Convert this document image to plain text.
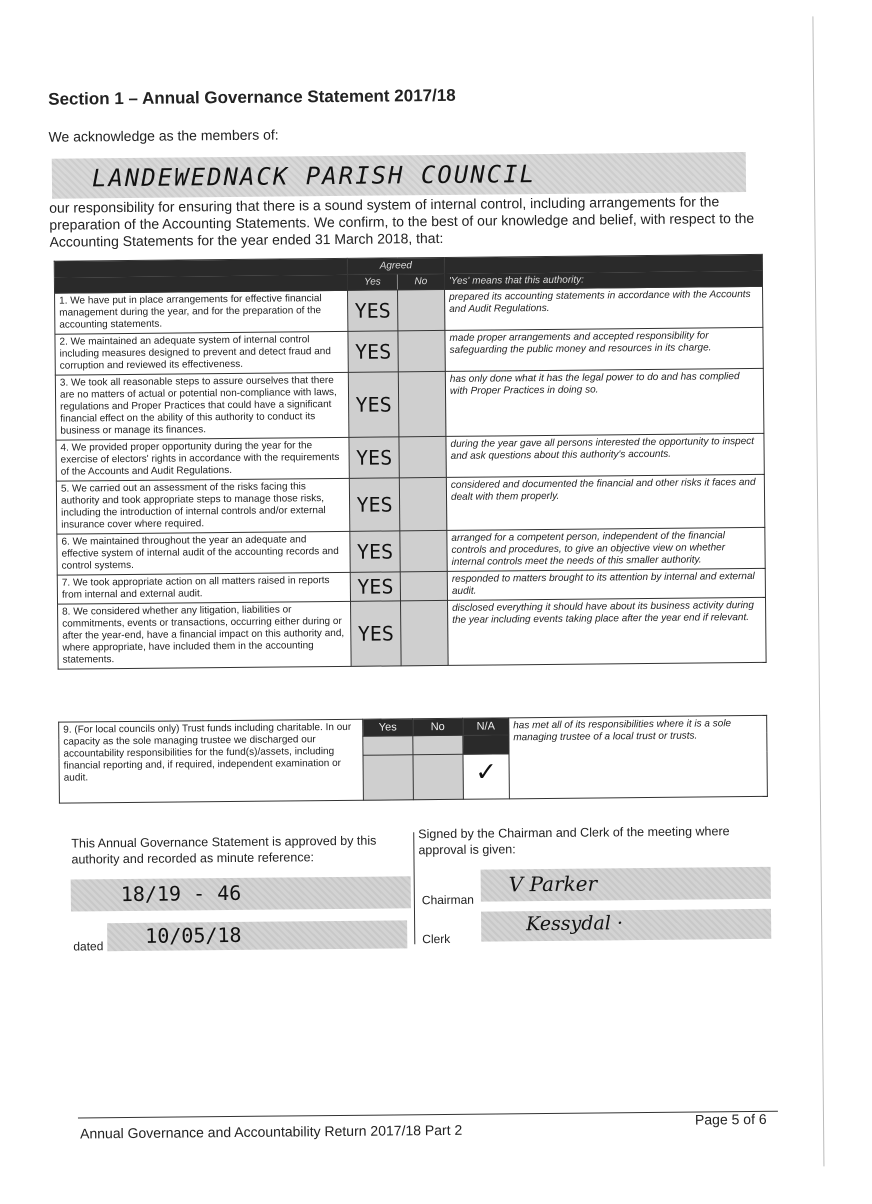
Section 1 – Annual Governance Statement 2017/18
We acknowledge as the members of:
LANDEWEDNACK PARISH COUNCIL
our responsibility for ensuring that there is a sound system of internal control, including arrangements for the preparation of the Accounting Statements. We confirm, to the best of our knowledge and belief, with respect to the Accounting Statements for the year ended 31 March 2018, that:
	Agreed		
	Yes	No	'Yes' means that this authority:
1. We have put in place arrangements for effective financial management during the year, and for the preparation of the accounting statements.	YES		prepared its accounting statements in accordance with the Accounts and Audit Regulations.
2. We maintained an adequate system of internal control including measures designed to prevent and detect fraud and corruption and reviewed its effectiveness.	YES		made proper arrangements and accepted responsibility for safeguarding the public money and resources in its charge.
3. We took all reasonable steps to assure ourselves that there are no matters of actual or potential non-compliance with laws, regulations and Proper Practices that could have a significant financial effect on the ability of this authority to conduct its business or manage its finances.	YES		has only done what it has the legal power to do and has complied with Proper Practices in doing so.
4. We provided proper opportunity during the year for the exercise of electors' rights in accordance with the requirements of the Accounts and Audit Regulations.	YES		during the year gave all persons interested the opportunity to inspect and ask questions about this authority's accounts.
5. We carried out an assessment of the risks facing this authority and took appropriate steps to manage those risks, including the introduction of internal controls and/or external insurance cover where required.	YES		considered and documented the financial and other risks it faces and dealt with them properly.
6. We maintained throughout the year an adequate and effective system of internal audit of the accounting records and control systems.	YES		arranged for a competent person, independent of the financial controls and procedures, to give an objective view on whether internal controls meet the needs of this smaller authority.
7. We took appropriate action on all matters raised in reports from internal and external audit.	YES		responded to matters brought to its attention by internal and external audit.
8. We considered whether any litigation, liabilities or commitments, events or transactions, occurring either during or after the year-end, have a financial impact on this authority and, where appropriate, have included them in the accounting statements.	YES		disclosed everything it should have about its business activity during the year including events taking place after the year end if relevant.
9. (For local councils only) Trust funds including charitable. In our capacity as the sole managing trustee we discharged our accountability responsibilities for the fund(s)/assets, including financial reporting and, if required, independent examination or audit.	Yes	No	N/A	has met all of its responsibilities where it is a sole managing trustee of a local trust or trusts.

			✓	
This Annual Governance Statement is approved by this authority and recorded as minute reference:
Signed by the Chairman and Clerk of the meeting where approval is given:
18/19 - 46
dated 10/05/18
Chairman
V Parker
Clerk
Kessydal ·
Annual Governance and Accountability Return 2017/18 Part 2
Page 5 of 6
